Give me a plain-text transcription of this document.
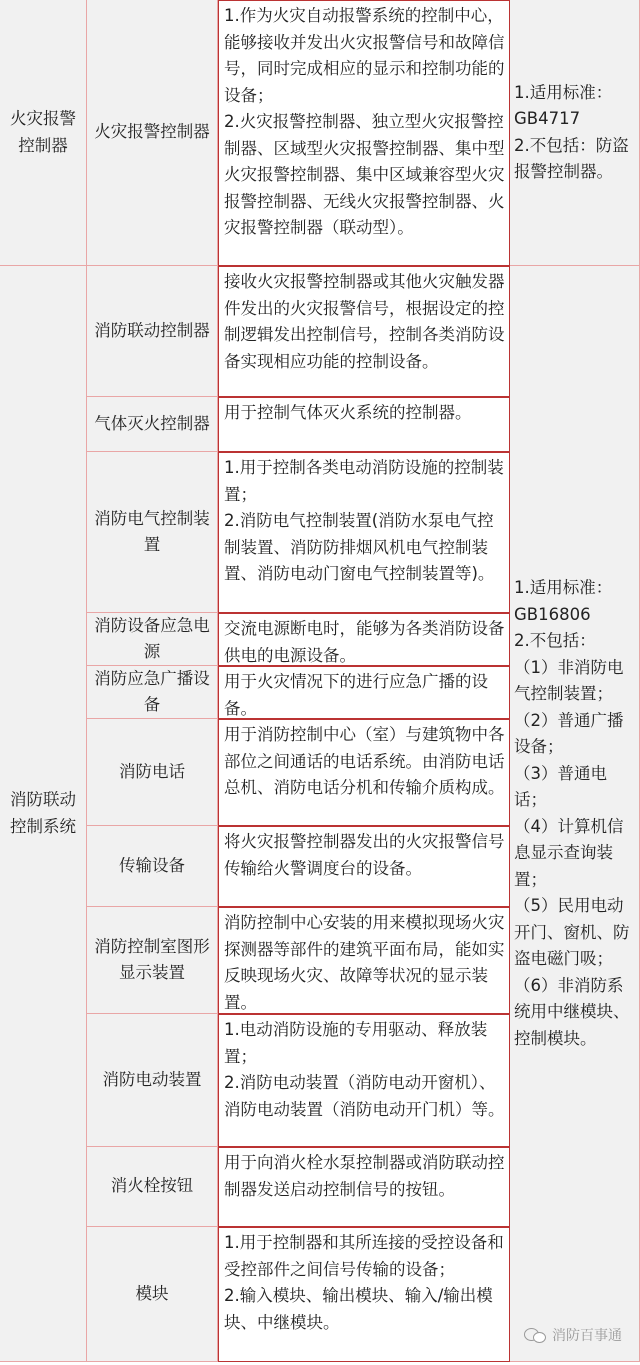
火灾报警控制器
火灾报警控制器
1.作为火灾自动报警系统的控制中心，能够接收并发出火灾报警信号和故障信号，同时完成相应的显示和控制功能的设备；
2.火灾报警控制器、独立型火灾报警控制器、区域型火灾报警控制器、集中型火灾报警控制器、集中区域兼容型火灾报警控制器、无线火灾报警控制器、火灾报警控制器（联动型）。
1.适用标准：GB4717
2.不包括：防盗报警控制器。
消防联动控制系统
1.适用标准：GB16806
2.不包括：
（1）非消防电气控制装置；
（2）普通广播设备；
（3）普通电话；
（4）计算机信息显示查询装置；
（5）民用电动开门、窗机、防盗电磁门吸；
（6）非消防系统用中继模块、控制模块。
消防联动控制器
接收火灾报警控制器或其他火灾触发器件发出的火灾报警信号，根据设定的控制逻辑发出控制信号，控制各类消防设备实现相应功能的控制设备。
气体灭火控制器
用于控制气体灭火系统的控制器。
消防电气控制装置
1.用于控制各类电动消防设施的控制装置；
2.消防电气控制装置(消防水泵电气控制装置、消防防排烟风机电气控制装置、消防电动门窗电气控制装置等)。
消防设备应急电源
交流电源断电时，能够为各类消防设备供电的电源设备。
消防应急广播设备
用于火灾情况下的进行应急广播的设备。
消防电话
用于消防控制中心（室）与建筑物中各部位之间通话的电话系统。由消防电话总机、消防电话分机和传输介质构成。
传输设备
将火灾报警控制器发出的火灾报警信号传输给火警调度台的设备。
消防控制室图形显示装置
消防控制中心安装的用来模拟现场火灾探测器等部件的建筑平面布局，能如实反映现场火灾、故障等状况的显示装置。
消防电动装置
1.电动消防设施的专用驱动、释放装置；
2.消防电动装置（消防电动开窗机）、消防电动装置（消防电动开门机）等。
消火栓按钮
用于向消火栓水泵控制器或消防联动控制器发送启动控制信号的按钮。
模块
1.用于控制器和其所连接的受控设备和受控部件之间信号传输的设备；
2.输入模块、输出模块、输入/输出模块、中继模块。
消防百事通
